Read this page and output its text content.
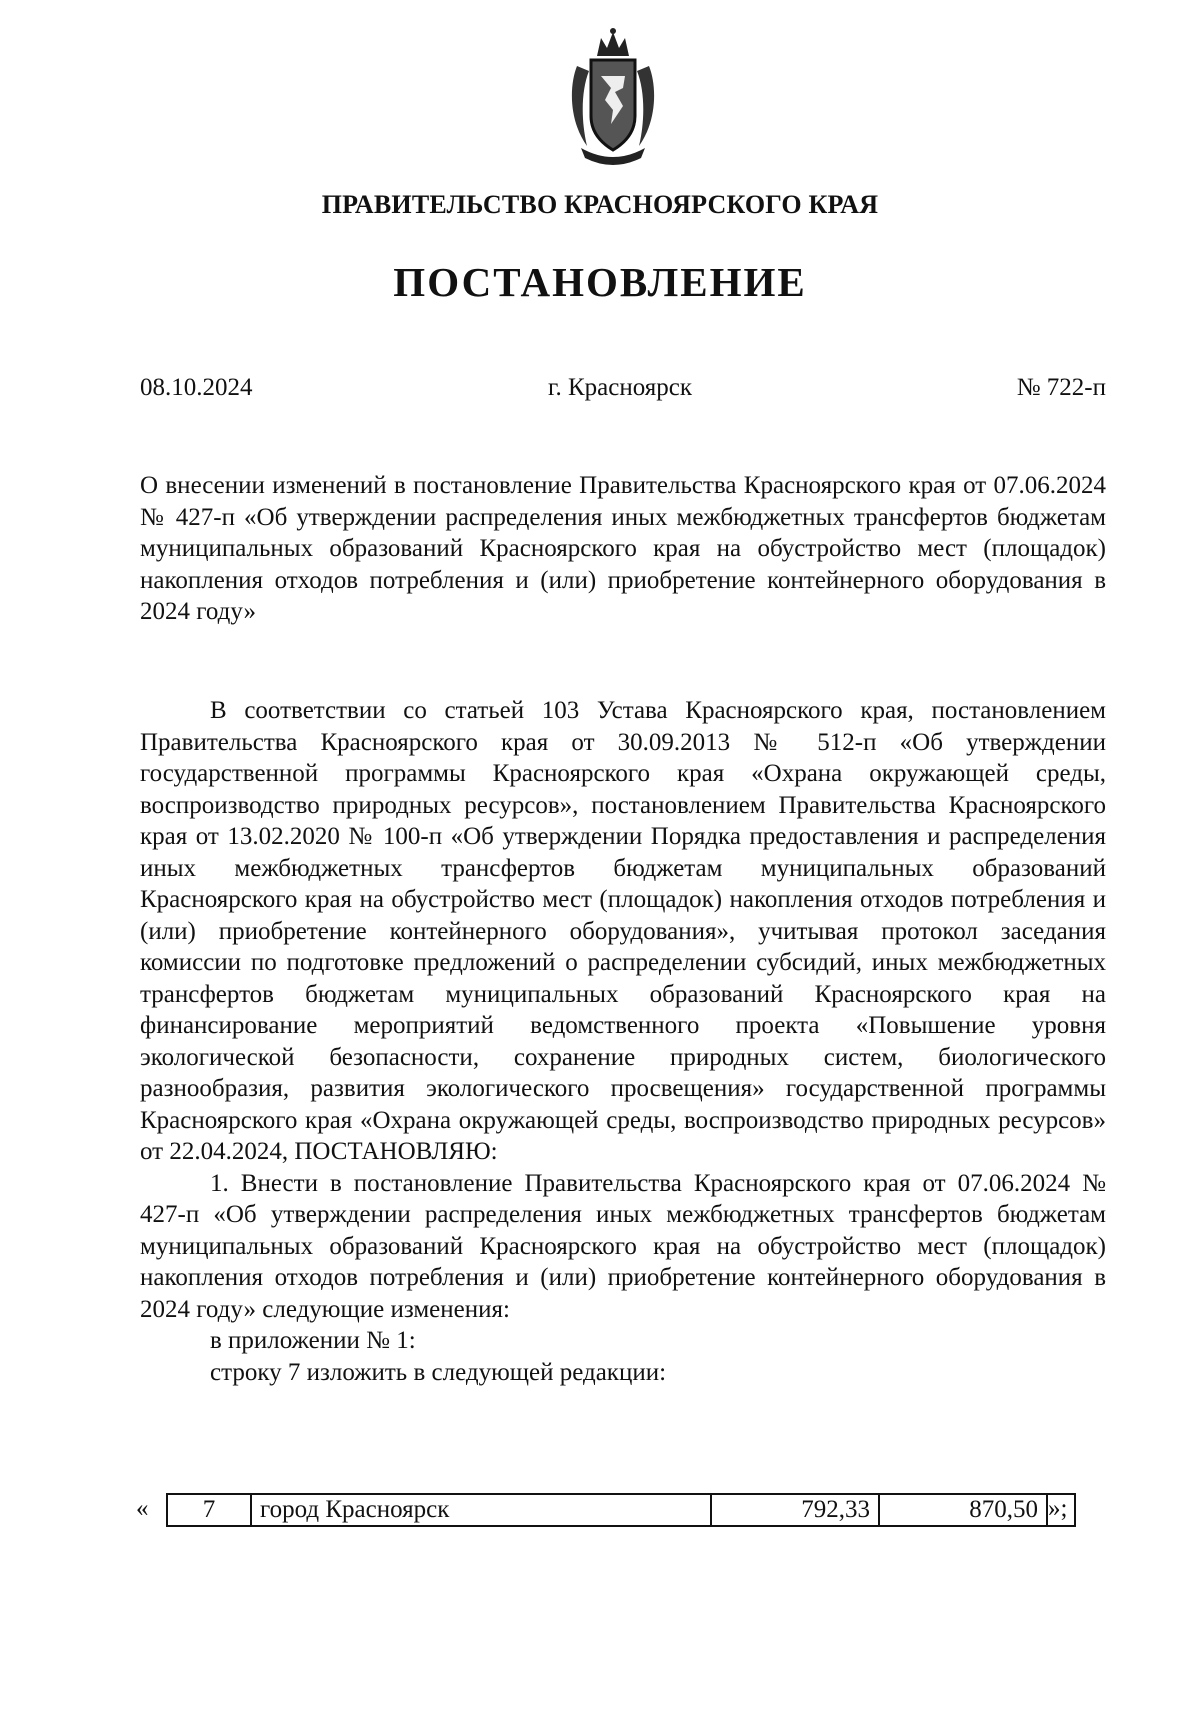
ПРАВИТЕЛЬСТВО КРАСНОЯРСКОГО КРАЯ
ПОСТАНОВЛЕНИЕ
08.10.2024	г. Красноярск	№ 722-п
О внесении изменений в постановление Правительства Красноярского края от 07.06.2024 № 427-п «Об утверждении распределения иных межбюджетных трансфертов бюджетам муниципальных образований Красноярского края на обустройство мест (площадок) накопления отходов потребления и (или) приобретение контейнерного оборудования в 2024 году»

В соответствии со статьей 103 Устава Красноярского края, постановлением Правительства Красноярского края от 30.09.2013 № 512-п «Об утверждении государственной программы Красноярского края «Охрана окружающей среды, воспроизводство природных ресурсов», постановлением Правительства Красноярского края от 13.02.2020 № 100-п «Об утверждении Порядка предоставления и распределения иных межбюджетных трансфертов бюджетам муниципальных образований Красноярского края на обустройство мест (площадок) накопления отходов потребления и (или) приобретение контейнерного оборудования», учитывая протокол заседания комиссии по подготовке предложений о распределении субсидий, иных межбюджетных трансфертов бюджетам муниципальных образований Красноярского края на финансирование мероприятий ведомственного проекта «Повышение уровня экологической безопасности, сохранение природных систем, биологического разнообразия, развития экологического просвещения» государственной программы Красноярского края «Охрана окружающей среды, воспроизводство природных ресурсов» от 22.04.2024, ПОСТАНОВЛЯЮ:

1. Внести в постановление Правительства Красноярского края от 07.06.2024 № 427-п «Об утверждении распределения иных межбюджетных трансфертов бюджетам муниципальных образований Красноярского края на обустройство мест (площадок) накопления отходов потребления и (или) приобретение контейнерного оборудования в 2024 году» следующие изменения:

в приложении № 1:

строку 7 изложить в следующей редакции:

« 7	город Красноярск	792,33	870,50	»;
